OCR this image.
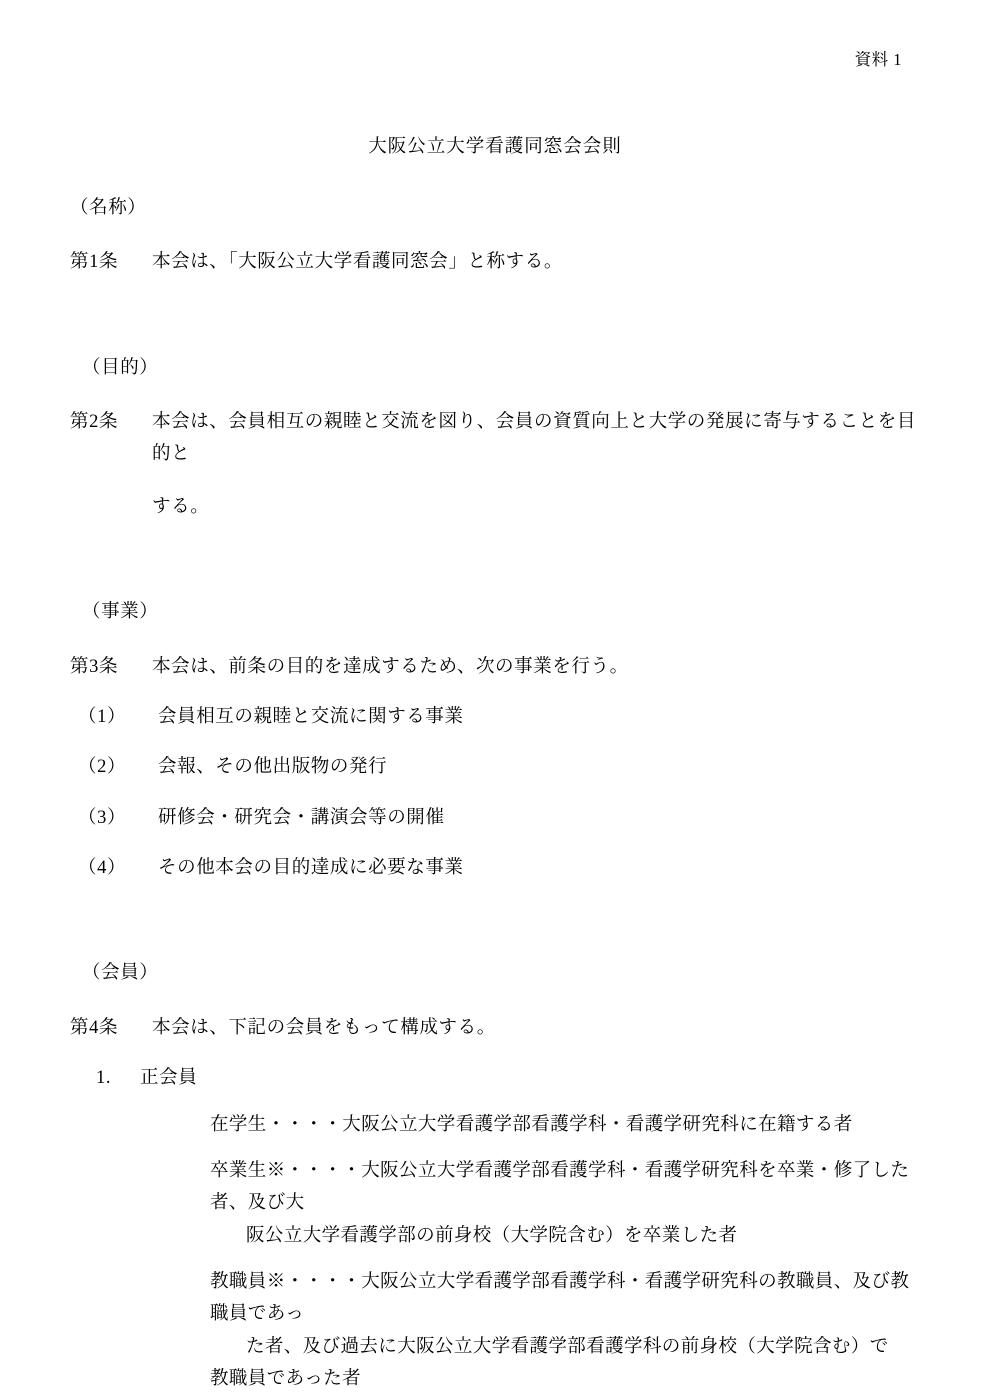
資料 1
大阪公立大学看護同窓会会則
（名称）
第1条	本会は、「大阪公立大学看護同窓会」と称する。
（目的）
第2条	本会は、会員相互の親睦と交流を図り、会員の資質向上と大学の発展に寄与することを目的と
する。
（事業）
第3条	本会は、前条の目的を達成するため、次の事業を行う。
（1）	会員相互の親睦と交流に関する事業
（2）	会報、その他出版物の発行
（3）	研修会・研究会・講演会等の開催
（4）	その他本会の目的達成に必要な事業
（会員）
第4条	本会は、下記の会員をもって構成する。
1.	正会員
在学生・・・・大阪公立大学看護学部看護学科・看護学研究科に在籍する者
卒業生※・・・・大阪公立大学看護学部看護学科・看護学研究科を卒業・修了した者、及び大
阪公立大学看護学部の前身校（大学院含む）を卒業した者
教職員※・・・・大阪公立大学看護学部看護学科・看護学研究科の教職員、及び教職員であっ
た者、及び過去に大阪公立大学看護学部看護学科の前身校（大学院含む）で
教職員であった者
